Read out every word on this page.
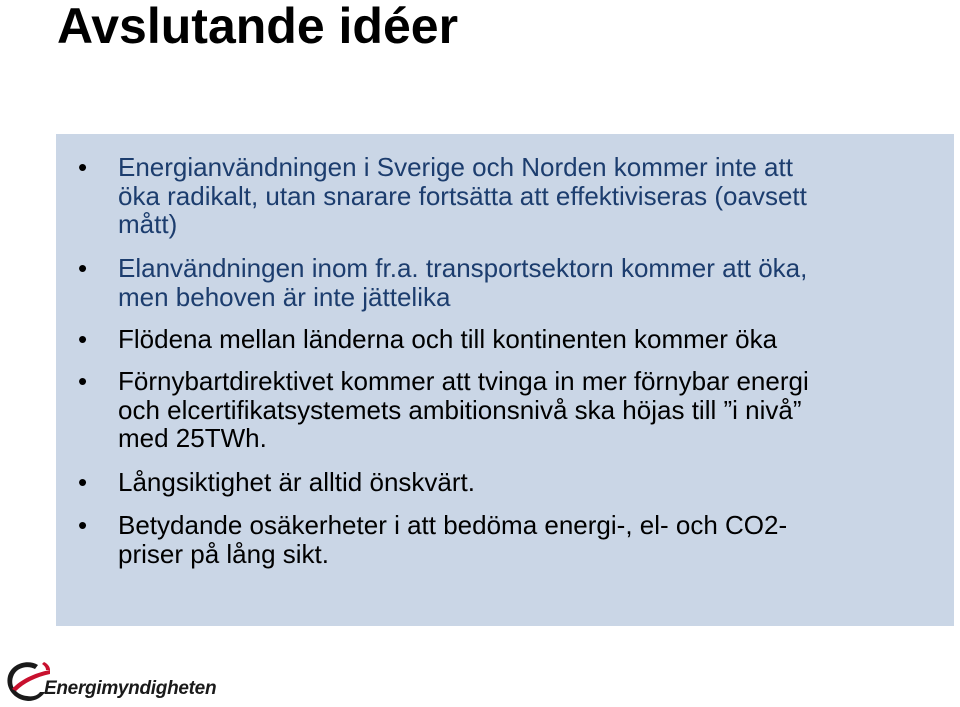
Avslutande idéer
• Energianvändningen i Sverige och Norden kommer inte att
öka radikalt, utan snarare fortsätta att effektiviseras (oavsett
mått)
• Elanvändningen inom fr.a. transportsektorn kommer att öka,
men behoven är inte jättelika
• Flödena mellan länderna och till kontinenten kommer öka
• Förnybartdirektivet kommer att tvinga in mer förnybar energi
och elcertifikatsystemets ambitionsnivå ska höjas till ”i nivå”
med 25TWh.
• Långsiktighet är alltid önskvärt.
• Betydande osäkerheter i att bedöma energi-, el- och CO2-
priser på lång sikt.
Energimyndigheten
